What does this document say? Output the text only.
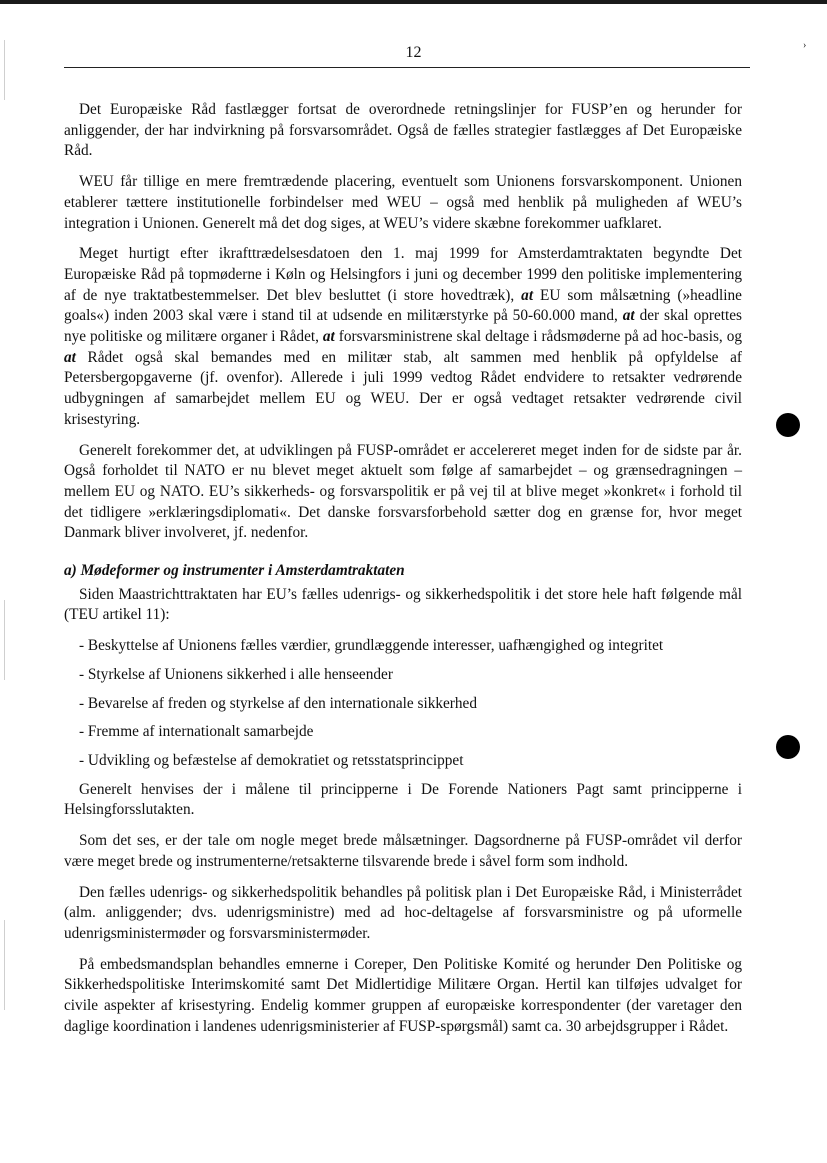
12	›

Det Europæiske Råd fastlægger fortsat de overordnede retningslinjer for FUSP’en og herunder for anliggender, der har indvirkning på forsvarsområdet. Også de fælles strategier fastlægges af Det Europæiske Råd.

WEU får tillige en mere fremtrædende placering, eventuelt som Unionens forsvarskomponent. Unionen etablerer tættere institutionelle forbindelser med WEU – også med henblik på muligheden af WEU’s integration i Unionen. Generelt må det dog siges, at WEU’s videre skæbne forekommer uafklaret.

Meget hurtigt efter ikrafttrædelsesdatoen den 1. maj 1999 for Amsterdamtraktaten begyndte Det Europæiske Råd på topmøderne i Køln og Helsingfors i juni og december 1999 den politiske implementering af de nye traktatbestemmelser. Det blev besluttet (i store hovedtræk), at EU som målsætning (»headline goals«) inden 2003 skal være i stand til at udsende en militærstyrke på 50-60.000 mand, at der skal oprettes nye politiske og militære organer i Rådet, at forsvarsministrene skal deltage i rådsmøderne på ad hoc-basis, og at Rådet også skal bemandes med en militær stab, alt sammen med henblik på opfyldelse af Petersbergopgaverne (jf. ovenfor). Allerede i juli 1999 vedtog Rådet endvidere to retsakter vedrørende udbygningen af samarbejdet mellem EU og WEU. Der er også vedtaget retsakter vedrørende civil krisestyring.

Generelt forekommer det, at udviklingen på FUSP-området er accelereret meget inden for de sidste par år. Også forholdet til NATO er nu blevet meget aktuelt som følge af samarbejdet – og grænsedragningen – mellem EU og NATO. EU’s sikkerheds- og forsvarspolitik er på vej til at blive meget »konkret« i forhold til det tidligere »erklæringsdiplomati«. Det danske forsvarsforbehold sætter dog en grænse for, hvor meget Danmark bliver involveret, jf. nedenfor.

a) Mødeformer og instrumenter i Amsterdamtraktaten

Siden Maastrichttraktaten har EU’s fælles udenrigs- og sikkerhedspolitik i det store hele haft følgende mål (TEU artikel 11):

- Beskyttelse af Unionens fælles værdier, grundlæggende interesser, uafhængighed og integritet
- Styrkelse af Unionens sikkerhed i alle henseender
- Bevarelse af freden og styrkelse af den internationale sikkerhed
- Fremme af internationalt samarbejde
- Udvikling og befæstelse af demokratiet og retsstatsprincippet

Generelt henvises der i målene til principperne i De Forende Nationers Pagt samt principperne i Helsingforsslutakten.

Som det ses, er der tale om nogle meget brede målsætninger. Dagsordnerne på FUSP-området vil derfor være meget brede og instrumenterne/retsakterne tilsvarende brede i såvel form som indhold.

Den fælles udenrigs- og sikkerhedspolitik behandles på politisk plan i Det Europæiske Råd, i Ministerrådet (alm. anliggender; dvs. udenrigsministre) med ad hoc-deltagelse af forsvarsministre og på uformelle udenrigsministermøder og forsvarsministermøder.

På embedsmandsplan behandles emnerne i Coreper, Den Politiske Komité og herunder Den Politiske og Sikkerhedspolitiske Interimskomité samt Det Midlertidige Militære Organ. Hertil kan tilføjes udvalget for civile aspekter af krisestyring. Endelig kommer gruppen af europæiske korrespondenter (der varetager den daglige koordination i landenes udenrigsministerier af FUSP-spørgsmål) samt ca. 30 arbejdsgrupper i Rådet.
